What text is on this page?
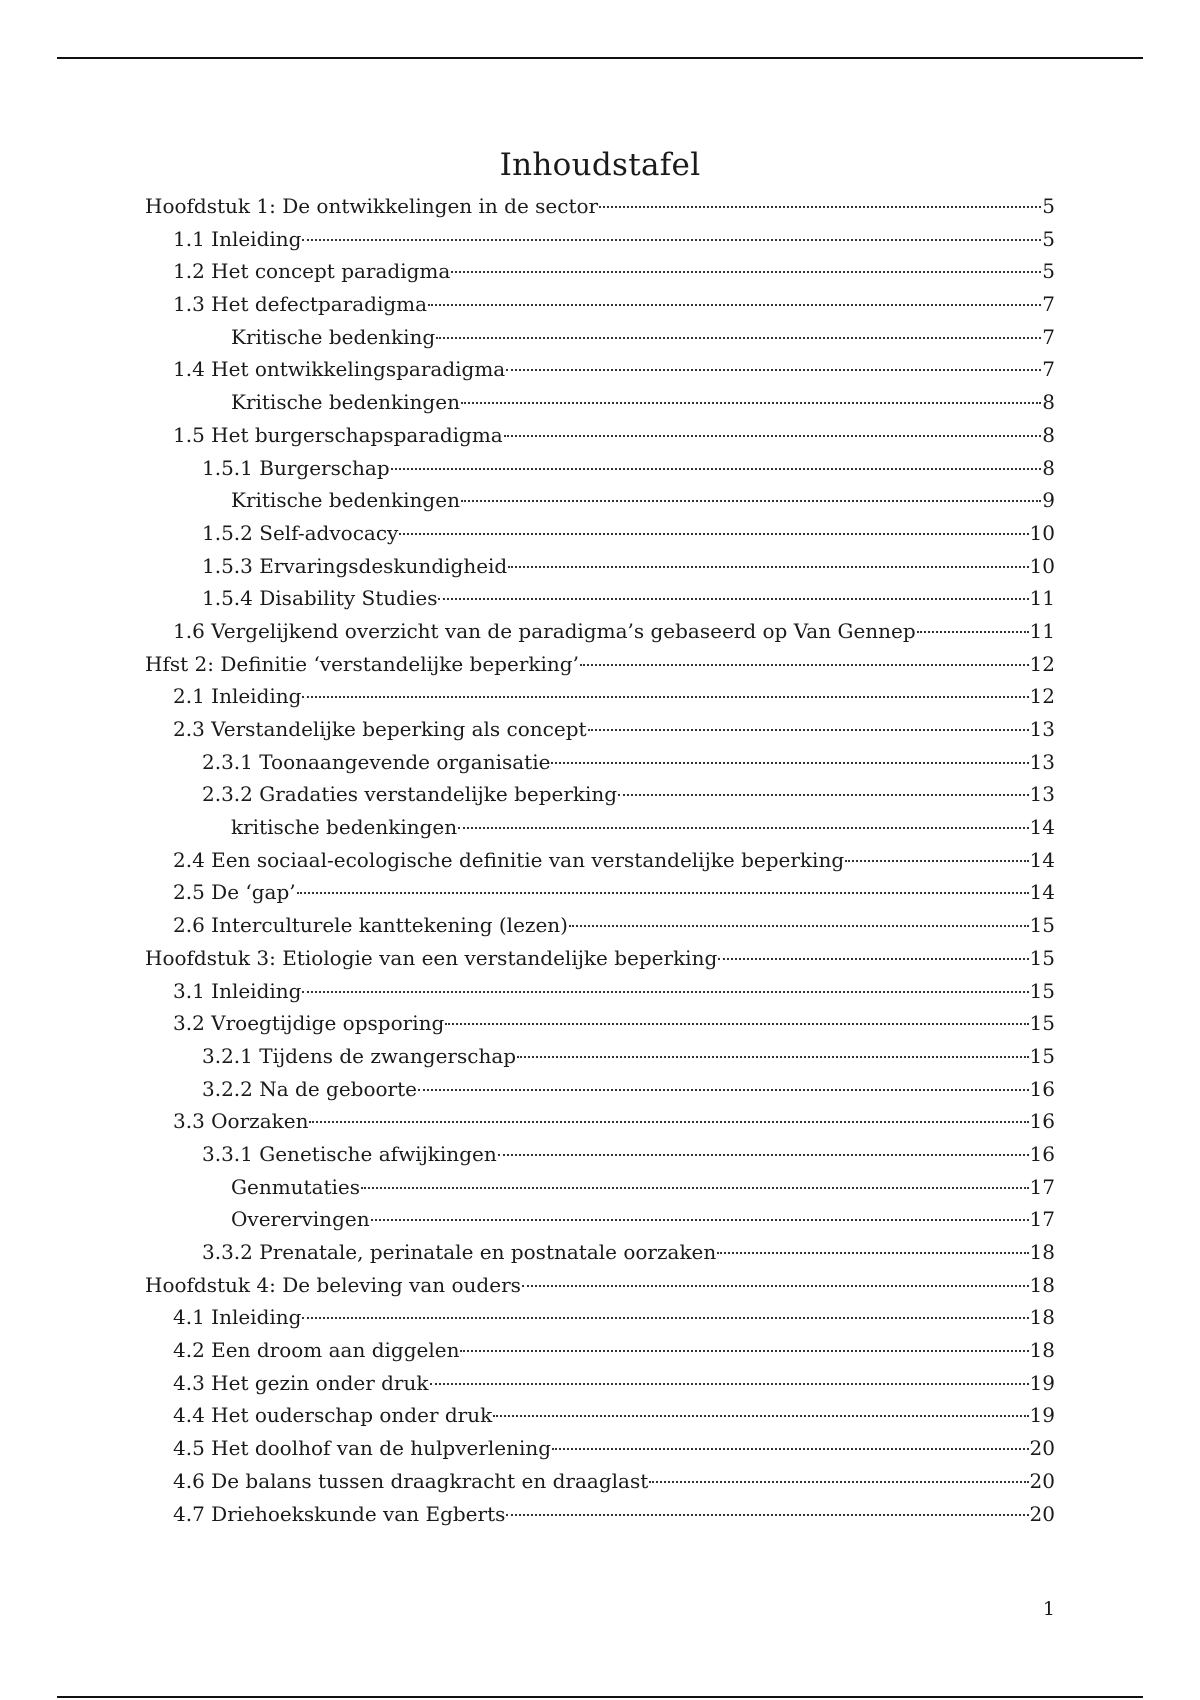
Inhoudstafel
Hoofdstuk 1: De ontwikkelingen in de sector	5
1.1 Inleiding	5
1.2 Het concept paradigma	5
1.3 Het defectparadigma	7
Kritische bedenking	7
1.4 Het ontwikkelingsparadigma	7
Kritische bedenkingen	8
1.5 Het burgerschapsparadigma	8
1.5.1 Burgerschap	8
Kritische bedenkingen	9
1.5.2 Self-advocacy	10
1.5.3 Ervaringsdeskundigheid	10
1.5.4 Disability Studies	11
1.6 Vergelijkend overzicht van de paradigma’s gebaseerd op Van Gennep	11
Hfst 2: Definitie ‘verstandelijke beperking’	12
2.1 Inleiding	12
2.3 Verstandelijke beperking als concept	13
2.3.1 Toonaangevende organisatie	13
2.3.2 Gradaties verstandelijke beperking	13
kritische bedenkingen	14
2.4 Een sociaal-ecologische definitie van verstandelijke beperking	14
2.5 De ‘gap’	14
2.6 Interculturele kanttekening (lezen)	15
Hoofdstuk 3: Etiologie van een verstandelijke beperking	15
3.1 Inleiding	15
3.2 Vroegtijdige opsporing	15
3.2.1 Tijdens de zwangerschap	15
3.2.2 Na de geboorte	16
3.3 Oorzaken	16
3.3.1 Genetische afwijkingen	16
Genmutaties	17
Overervingen	17
3.3.2 Prenatale, perinatale en postnatale oorzaken	18
Hoofdstuk 4: De beleving van ouders	18
4.1 Inleiding	18
4.2 Een droom aan diggelen	18
4.3 Het gezin onder druk	19
4.4 Het ouderschap onder druk	19
4.5 Het doolhof van de hulpverlening	20
4.6 De balans tussen draagkracht en draaglast	20
4.7 Driehoekskunde van Egberts	20
1
